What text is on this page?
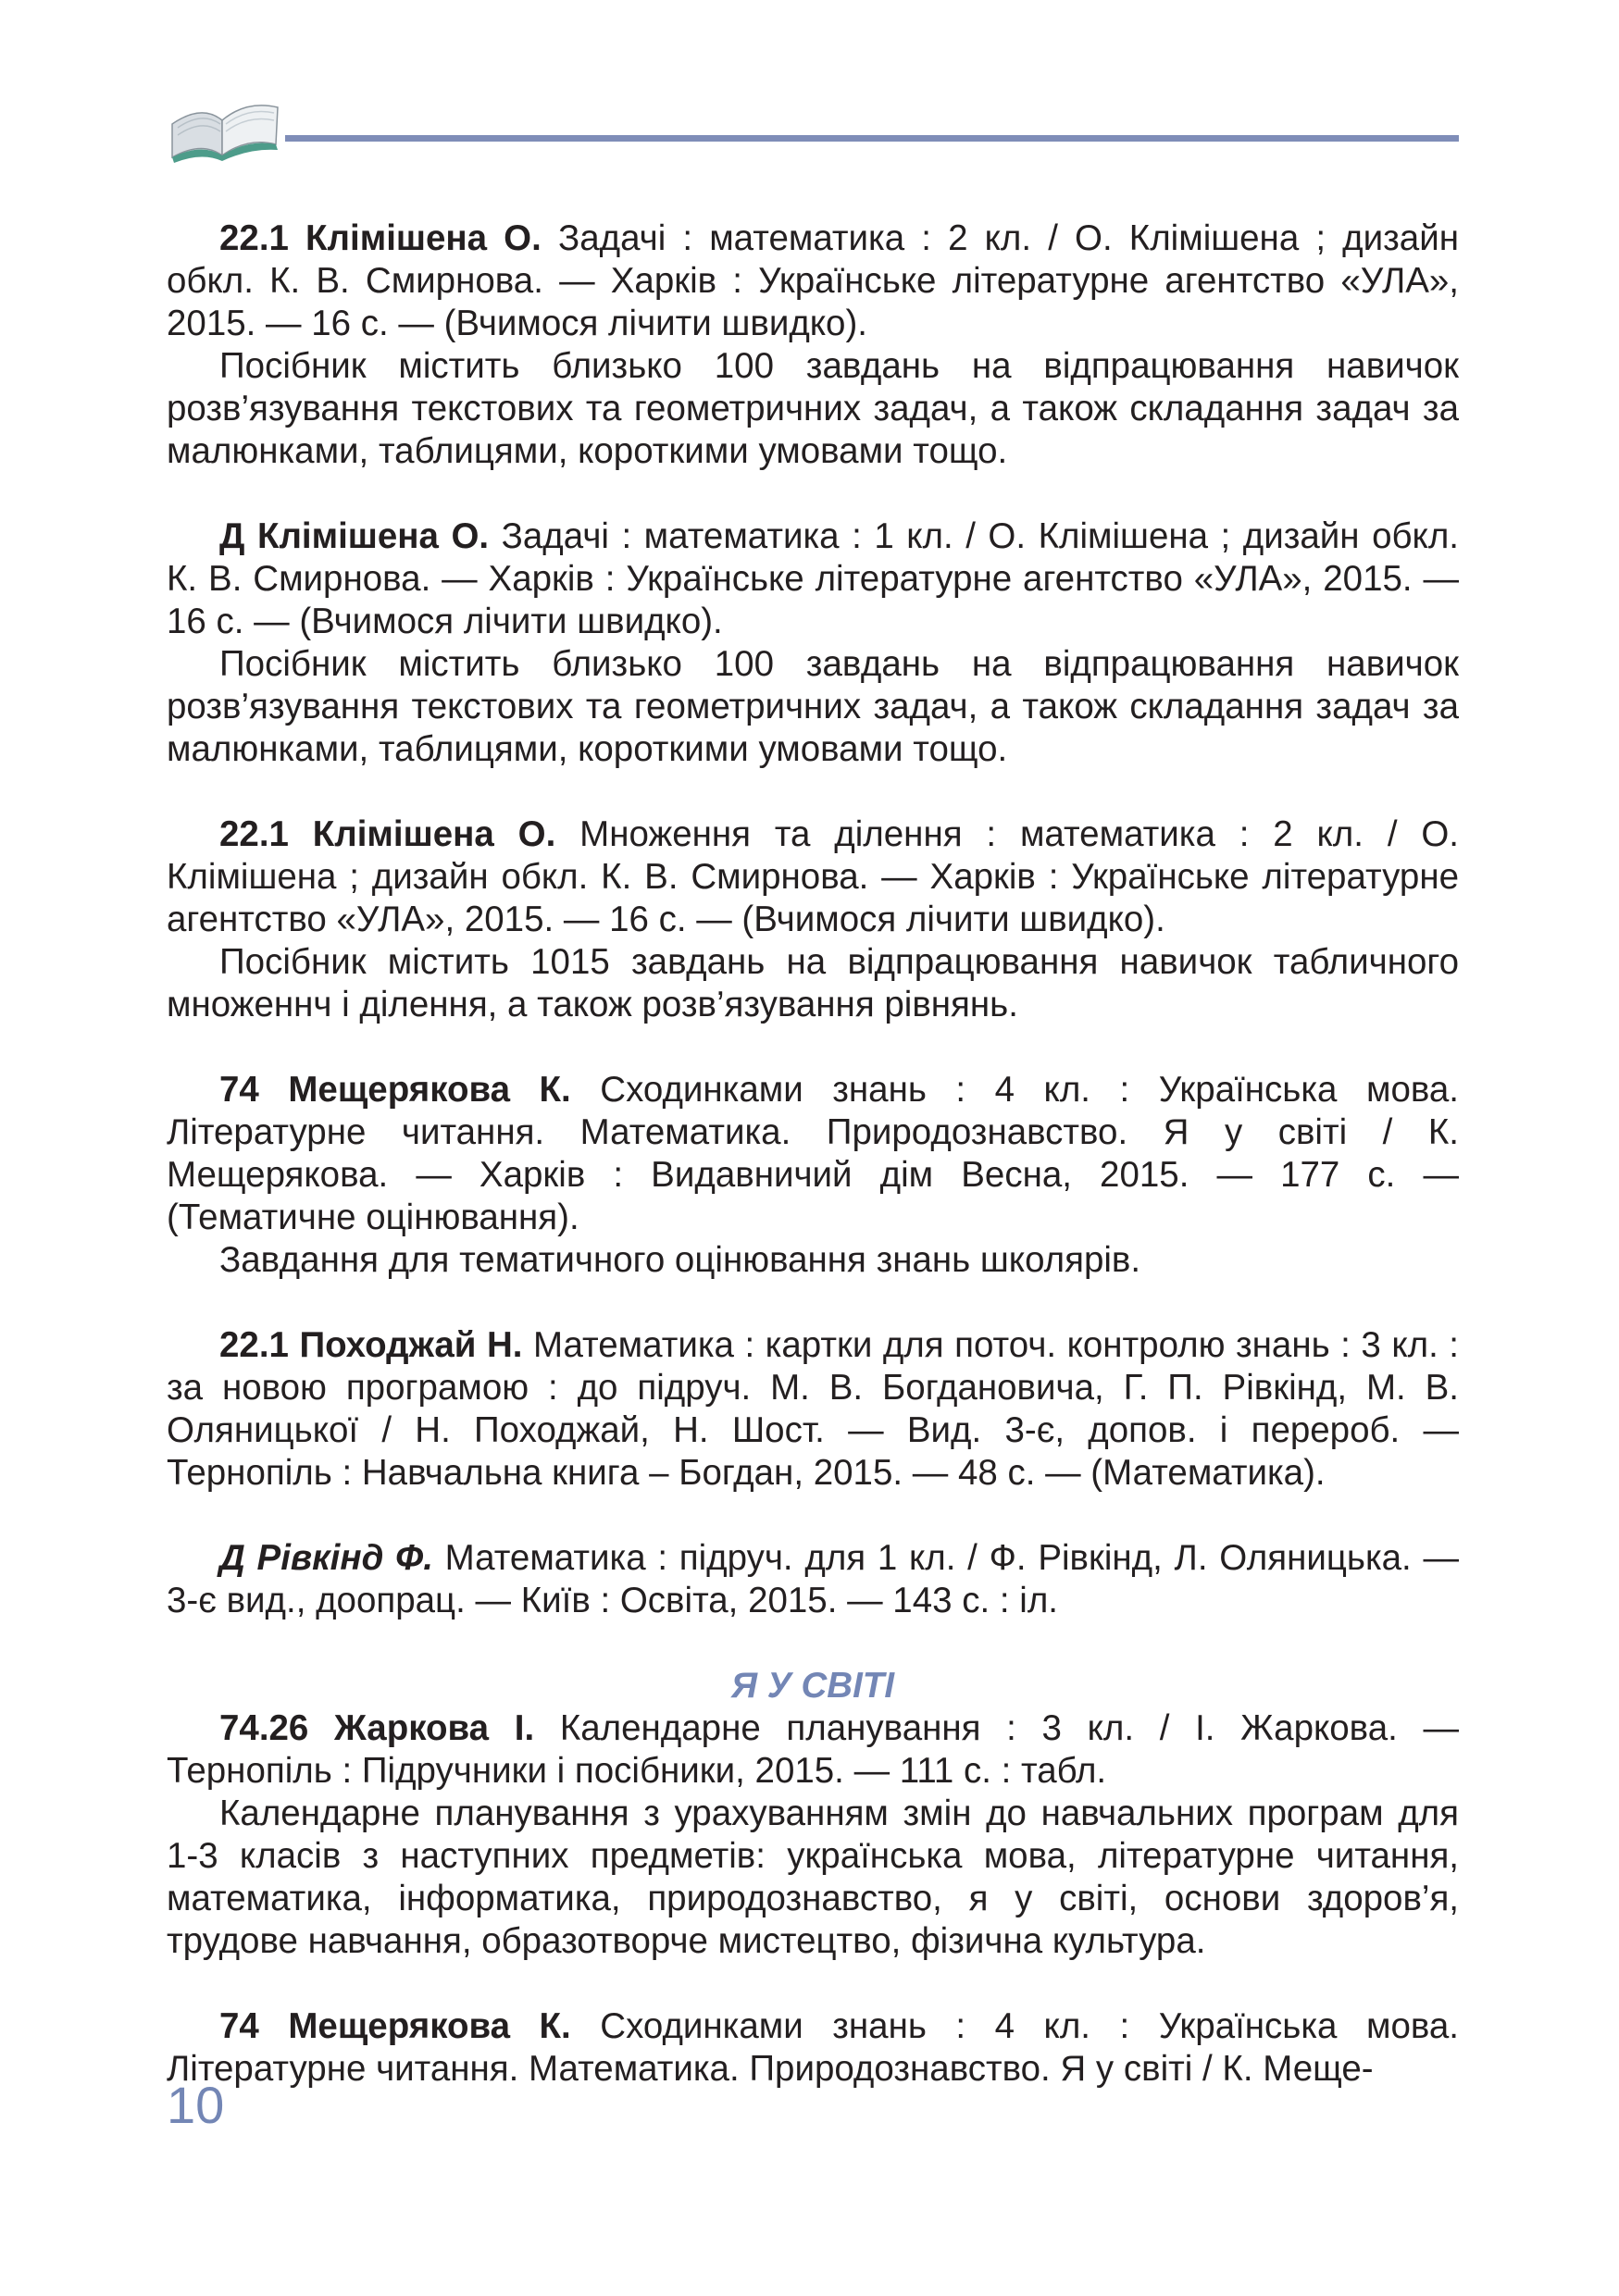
22.1 Клімішена О. Задачі : математика : 2 кл. / О. Клімішена ; дизайн обкл. К. В. Смирнова. — Харків : Українське літературне агентство «УЛА», 2015. — 16 с. — (Вчимося лічити швидко).

Посібник містить близько 100 завдань на відпрацювання навичок розв’язування текстових та геометричних задач, а також складання задач за малюнками, таблицями, короткими умовами тощо.

Д Клімішена О. Задачі : математика : 1 кл. / О. Клімішена ; дизайн обкл. К. В. Смирнова. — Харків : Українське літературне агентство «УЛА», 2015. — 16 с. — (Вчимося лічити швидко).

Посібник містить близько 100 завдань на відпрацювання навичок розв’язування текстових та геометричних задач, а також складання задач за малюнками, таблицями, короткими умовами тощо.

22.1 Клімішена О. Множення та ділення : математика : 2 кл. / О. Клімішена ; дизайн обкл. К. В. Смирнова. — Харків : Українське літературне агентство «УЛА», 2015. — 16 с. — (Вчимося лічити швидко).

Посібник містить 1015 завдань на відпрацювання навичок табличного множеннч і ділення, а також розв’язування рівнянь.

74 Мещерякова К. Сходинками знань : 4 кл. : Українська мова. Літературне читання. Математика. Природознавство. Я у світі / К. Мещерякова. — Харків : Видавничий дім Весна, 2015. — 177 с. — (Тематичне оцінювання).

Завдання для тематичного оцінювання знань школярів.

22.1 Походжай Н. Математика : картки для поточ. контролю знань : 3 кл. : за новою програмою : до підруч. М. В. Богдановича, Г. П. Рівкінд, М. В. Оляницької / Н. Походжай, Н. Шост. — Вид. 3-є, допов. і перероб. — Тернопіль : Навчальна книга – Богдан, 2015. — 48 с. — (Математика).

Д Рівкінд Ф. Математика : підруч. для 1 кл. / Ф. Рівкінд, Л. Оляницька. — 3-є вид., доопрац. — Київ : Освіта, 2015. — 143 с. : іл.

Я У СВІТІ

74.26 Жаркова І. Календарне планування : 3 кл. / І. Жаркова. — Тернопіль : Підручники і посібники, 2015. — 111 с. : табл.

Календарне планування з урахуванням змін до навчальних програм для 1-3 класів з наступних предметів: українська мова, літературне читання, математика, інформатика, природознавство, я у світі, основи здоров’я, трудове навчання, образотворче мистецтво, фізична культура.

74 Мещерякова К. Сходинками знань : 4 кл. : Українська мова. Літературне читання. Математика. Природознавство. Я у світі / К. Меще-

10
